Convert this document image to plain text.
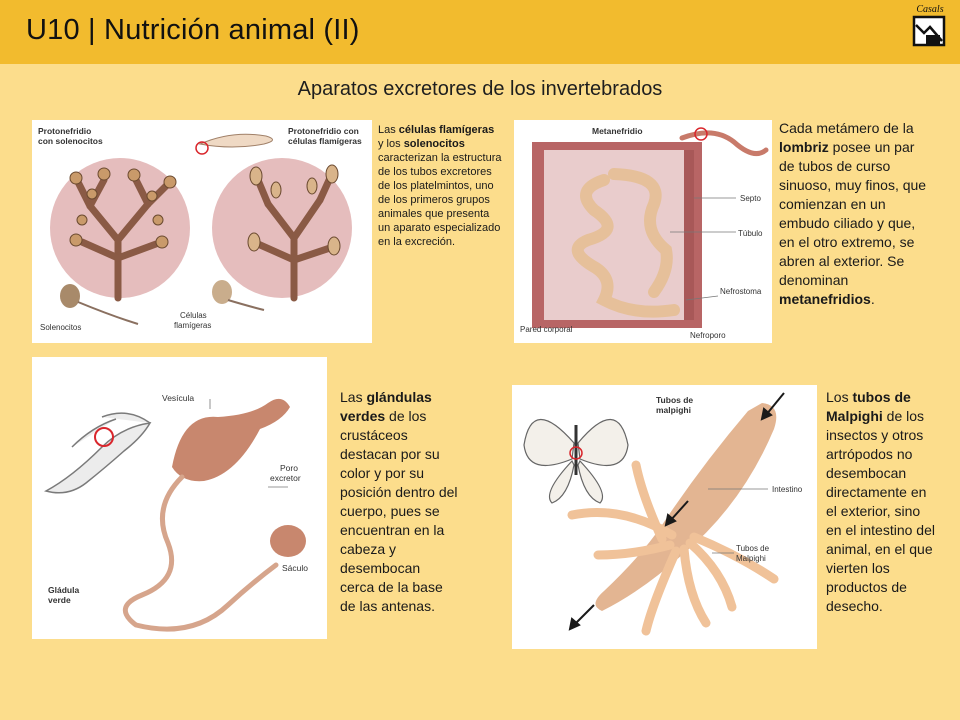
U10 | Nutrición animal (II)
Casals
Aparatos excretores de los invertebrados
Protonefridio con solenocitos
Protonefridio con células flamígeras
Solenocitos
Células flamígeras
Las células flamígeras y los solenocitos caracterizan la estructura de los tubos excretores de los platelmintos, uno de los primeros grupos animales que presenta un aparato especializado en la excreción.
Metanefridio
Septo
Túbulo
Nefrostoma
Pared corporal
Nefroporo
Cada metámero de la lombriz posee un par de tubos de curso sinuoso, muy finos, que comienzan en un embudo ciliado y que, en el otro extremo, se abren al exterior. Se denominan metanefridios.
Vesícula
Poro excretor
Sáculo
Gládula verde
Las glándulas verdes de los crustáceos destacan por su color y por su posición dentro del cuerpo, pues se encuentran en la cabeza y desembocan cerca de la base de las antenas.
Tubos de malpighi
Intestino
Tubos de Malpighi
Los tubos de Malpighi de los insectos y otros artrópodos no desembocan directamente en el exterior, sino en el intestino del animal, en el que vierten los productos de desecho.
